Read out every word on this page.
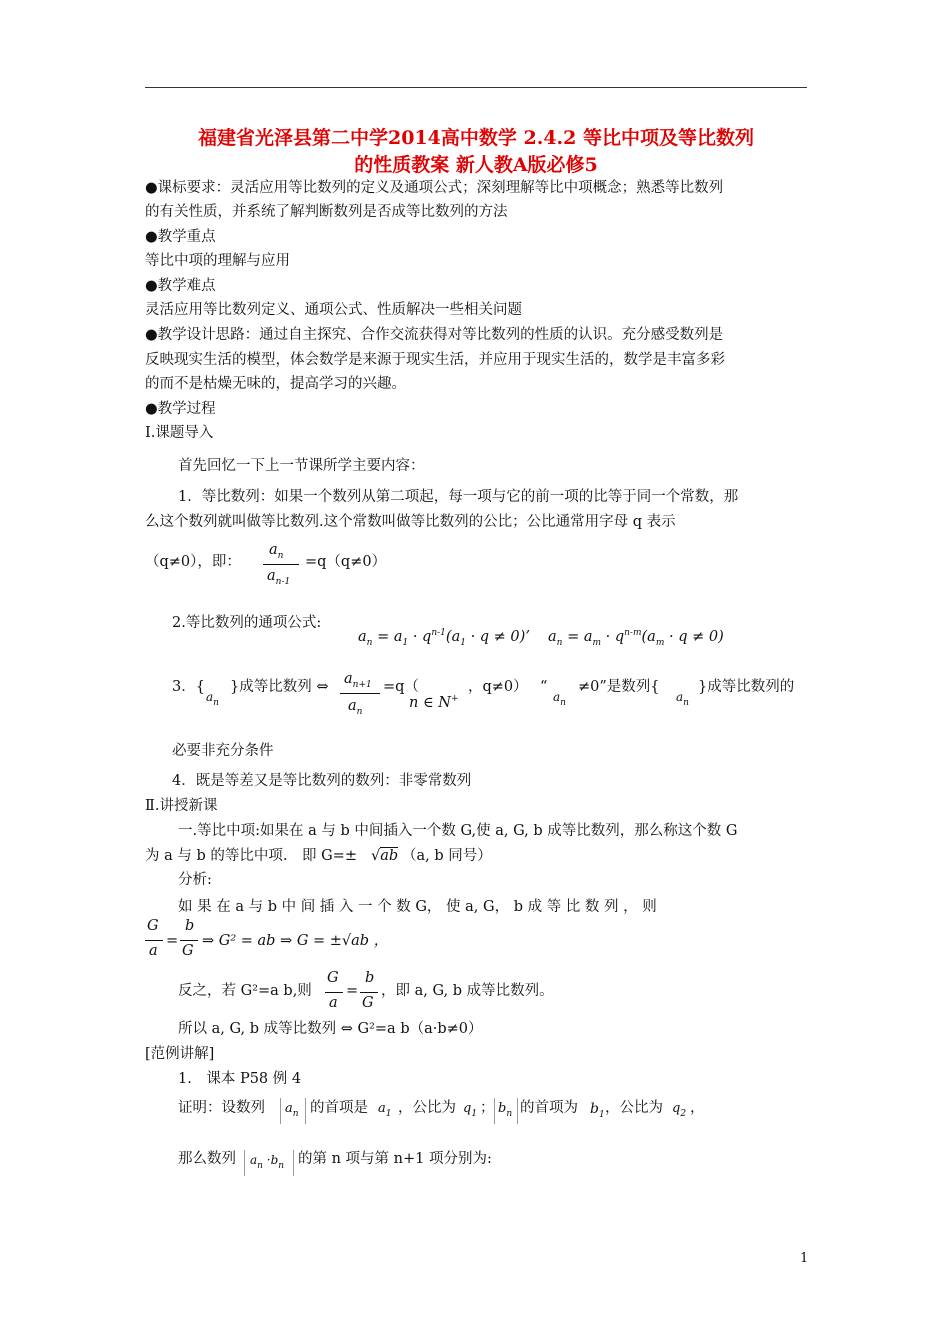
福建省光泽县第二中学2014高中数学 2.4.2 等比中项及等比数列
的性质教案 新人教A版必修5
●课标要求：灵活应用等比数列的定义及通项公式；深刻理解等比中项概念；熟悉等比数列
的有关性质，并系统了解判断数列是否成等比数列的方法
●教学重点
等比中项的理解与应用
●教学难点
灵活应用等比数列定义、通项公式、性质解决一些相关问题
●教学设计思路：通过自主探究、合作交流获得对等比数列的性质的认识。充分感受数列是
反映现实生活的模型，体会数学是来源于现实生活，并应用于现实生活的，数学是丰富多彩
的而不是枯燥无味的，提高学习的兴趣。
●教学过程
Ⅰ.课题导入
首先回忆一下上一节课所学主要内容：
1．等比数列：如果一个数列从第二项起，每一项与它的前一项的比等于同一个常数，那
么这个数列就叫做等比数列.这个常数叫做等比数列的公比；公比通常用字母 q 表示
（q≠0），即：
$a_n$
$a_{n-1}$
=q（q≠0）
2.等比数列的通项公式:
$a_n = a_1 \cdot q^{n-1}(a_1 \cdot q \ne 0)$’ $a_n = a_m \cdot q^{n-m}(a_m \cdot q \ne 0)$
3．{
$a_n$
}成等比数列 ⇔ $a_{n+1}$
$a_n$
=q（
n ∈ N+
，q≠0） “
$a_n$
≠0”是数列{
$a_n$
}成等比数列的
必要非充分条件
4．既是等差又是等比数列的数列：非零常数列
Ⅱ.讲授新课
一.等比中项:如果在 a 与 b 中间插入一个数 G,使 a, G, b 成等比数列，那么称这个数 G
为 a 与 b 的等比中项.　即 G=± √ab （a, b 同号）
分析:
如 果 在 a 与 b 中 间 插 入 一 个 数 G， 使 a, G， b 成 等 比 数 列 ， 则
G
a
=
b
G
⇒ G² = ab ⇒ G = ±√ab ，
反之，若 G²=a b,则
G
a
=
b
G
，即 a, G, b 成等比数列。
所以 a, G, b 成等比数列 ⇔ G²=a b（a·b≠0）
[范例讲解]
1.　课本 P58 例 4
证明：设数列 $a_n$ 的首项是 $a_1$ ，公比为 $q_1$ ； $b_n$ 的首项为 $b_1$ ，公比为 $q_2$ ，
那么数列 $a_n \cdot b_n$ 的第 n 项与第 n+1 项分别为:
1
